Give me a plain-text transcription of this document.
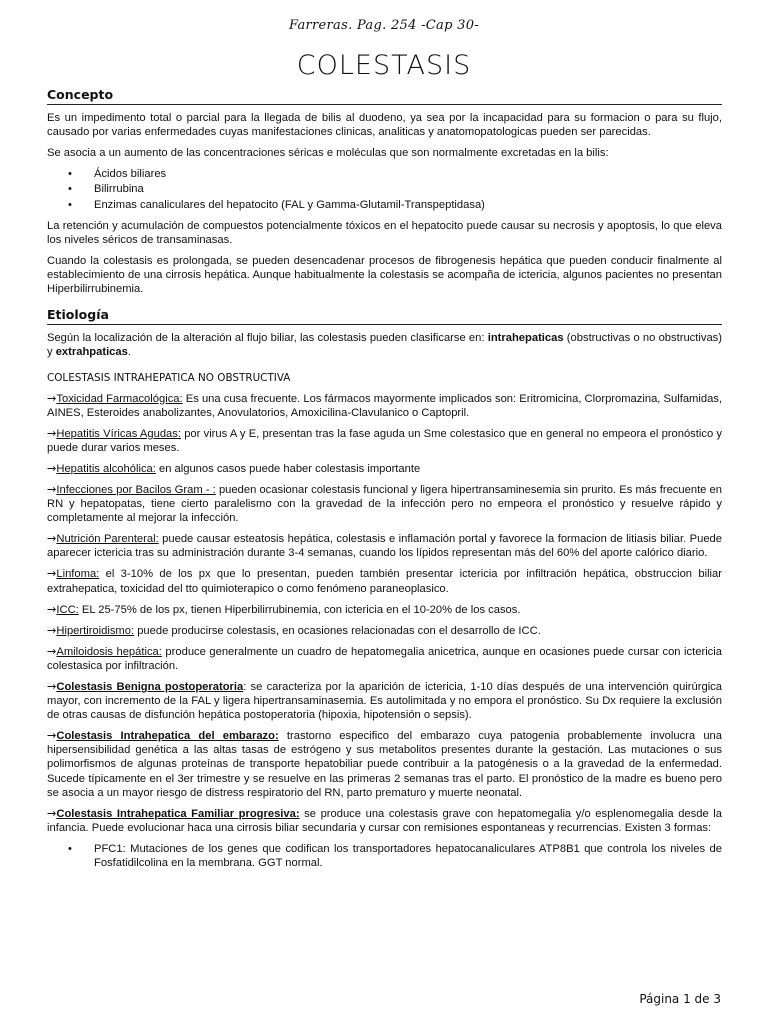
Farreras. Pag. 254 -Cap 30-
COLESTASIS
Concepto

Es un impedimento total o parcial para la llegada de bilis al duodeno, ya sea por la incapacidad para su formacion o para su flujo, causado por varias enfermedades cuyas manifestaciones clinicas, analiticas y anatomopatologicas pueden ser parecidas.

Se asocia a un aumento de las concentraciones séricas e moléculas que son normalmente excretadas en la bilis:

• Ácidos biliares
• Bilirrubina
• Enzimas canaliculares del hepatocito (FAL y Gamma-Glutamil-Transpeptidasa)

La retención y acumulación de compuestos potencialmente tóxicos en el hepatocito puede causar su necrosis y apoptosis, lo que eleva los niveles séricos de transaminasas.

Cuando la colestasis es prolongada, se pueden desencadenar procesos de fibrogenesis hepática que pueden conducir finalmente al establecimiento de una cirrosis hepática. Aunque habitualmente la colestasis se acompaña de ictericia, algunos pacientes no presentan Hiperbilirrubinemia.

Etiología

Según la localización de la alteración al flujo biliar, las colestasis pueden clasificarse en: intrahepaticas (obstructivas o no obstructivas) y extrahpaticas.

COLESTASIS INTRAHEPATICA NO OBSTRUCTIVA

→Toxicidad Farmacológica: Es una cusa frecuente. Los fármacos mayormente implicados son: Eritromicina, Clorpromazina, Sulfamidas, AINES, Esteroides anabolizantes, Anovulatorios, Amoxicilina-Clavulanico o Captopril.

→Hepatitis Víricas Agudas: por virus A y E, presentan tras la fase aguda un Sme colestasico que en general no empeora el pronóstico y puede durar varios meses.

→Hepatitis alcohólica: en algunos casos puede haber colestasis importante

→Infecciones por Bacilos Gram - : pueden ocasionar colestasis funcional y ligera hipertransaminesemia sin prurito. Es más frecuente en RN y hepatopatas, tiene cierto paralelismo con la gravedad de la infección pero no empeora el pronóstico y resuelve rápido y completamente al mejorar la infección.

→Nutrición Parenteral: puede causar esteatosis hepática, colestasis e inflamación portal y favorece la formacion de litiasis biliar. Puede aparecer ictericia tras su administración durante 3-4 semanas, cuando los lípidos representan más del 60% del aporte calórico diario.

→Linfoma: el 3-10% de los px que lo presentan, pueden también presentar ictericia por infiltración hepática, obstruccion biliar extrahepatica, toxicidad del tto quimioterapico o como fenómeno paraneoplasico.

→ICC: EL 25-75% de los px, tienen Hiperbilirrubinemia, con ictericia en el 10-20% de los casos.

→Hipertiroidismo: puede producirse colestasis, en ocasiones relacionadas con el desarrollo de ICC.

→Amiloidosis hepática: produce generalmente un cuadro de hepatomegalia anicetrica, aunque en ocasiones puede cursar con ictericia colestasica por infiltración.

→Colestasis Benigna postoperatoria: se caracteriza por la aparición de ictericia, 1-10 días después de una intervención quirúrgica mayor, con incremento de la FAL y ligera hipertransaminasemia. Es autolimitada y no empora el pronóstico. Su Dx requiere la exclusión de otras causas de disfunción hepática postoperatoria (hipoxia, hipotensión o sepsis).

→Colestasis Intrahepatica del embarazo: trastorno especifico del embarazo cuya patogenia probablemente involucra una hipersensibilidad genética a las altas tasas de estrógeno y sus metabolitos presentes durante la gestación. Las mutaciones o sus polimorfismos de algunas proteínas de transporte hepatobiliar puede contribuir a la patogénesis o a la gravedad de la enfermedad. Sucede típicamente en el 3er trimestre y se resuelve en las primeras 2 semanas tras el parto. El pronóstico de la madre es bueno pero se asocia a un mayor riesgo de distress respiratorio del RN, parto prematuro y muerte neonatal.

→Colestasis Intrahepatica Familiar progresiva: se produce una colestasis grave con hepatomegalia y/o esplenomegalia desde la infancia. Puede evolucionar haca una cirrosis biliar secundaria y cursar con remisiones espontaneas y recurrencias. Existen 3 formas:

• PFC1: Mutaciones de los genes que codifican los transportadores hepatocanaliculares ATP8B1 que controla los niveles de Fosfatidilcolina en la membrana. GGT normal.
Página 1 de 3
